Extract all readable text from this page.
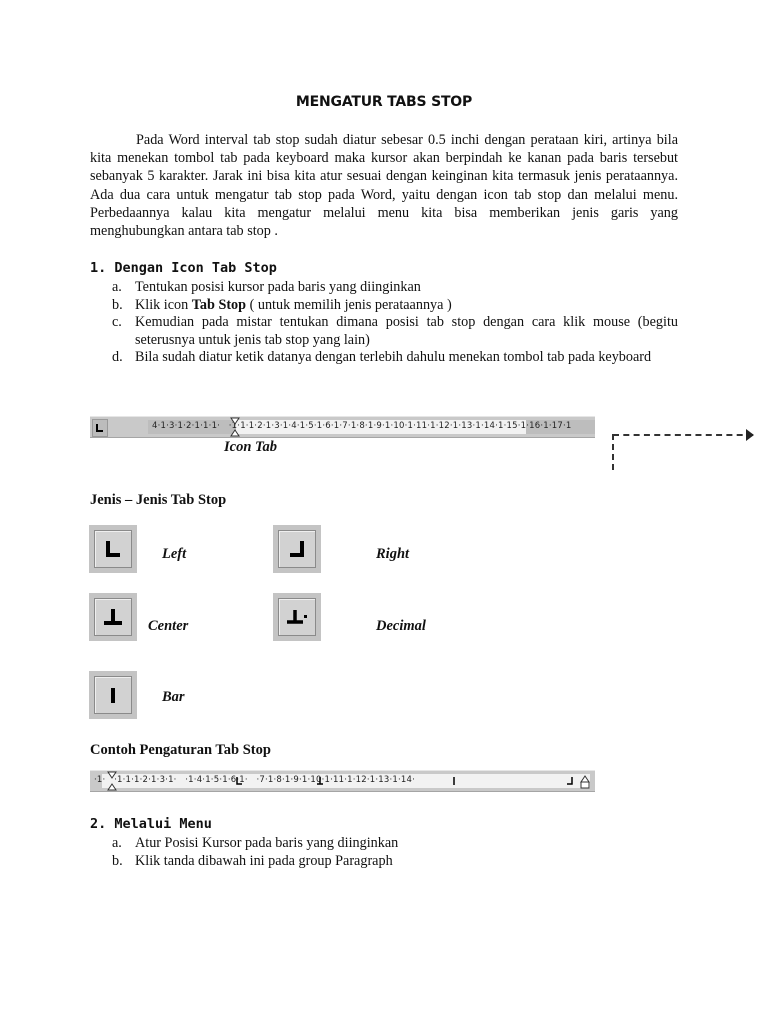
MENGATUR TABS STOP

Pada Word interval tab stop sudah diatur sebesar 0.5 inchi dengan perataan kiri, artinya bila kita menekan tombol tab pada keyboard maka kursor akan berpindah ke kanan pada baris tersebut sebanyak 5 karakter. Jarak ini bisa kita atur sesuai dengan keinginan kita termasuk jenis perataannya. Ada dua cara untuk mengatur tab stop pada Word, yaitu dengan icon tab stop dan melalui menu. Perbedaannya kalau kita mengatur melalui menu kita bisa memberikan jenis garis yang menghubungkan antara tab stop .

1. Dengan Icon Tab Stop
a. Tentukan posisi kursor pada baris yang diinginkan
b. Klik icon Tab Stop ( untuk memilih jenis perataannya )
c. Kemudian pada mistar tentukan dimana posisi tab stop dengan cara klik mouse (begitu seterusnya untuk jenis tab stop yang lain)
d. Bila sudah diatur ketik datanya dengan terlebih dahulu menekan tombol tab pada keyboard
4·1·3·1·2·1·1·1· ·1·1·1·2·1·3·1·4·1·5·1·6·1·7·1·8·1·9·1·10·1·11·1·12·1·13·1·14·1·15·1·16·1·17·1
Icon Tab
Jenis – Jenis Tab Stop
Left	Right
Center	Decimal
Bar
Contoh Pengaturan Tab Stop
·1· ·1·1·1·2·1·3·1· ·1·4·1·5·1·6·1· ·7·1·8·1·9·1·10·1·11·1·12·1·13·1·14·
2. Melalui Menu
a. Atur Posisi Kursor pada baris yang diinginkan
b. Klik tanda dibawah ini pada group Paragraph
